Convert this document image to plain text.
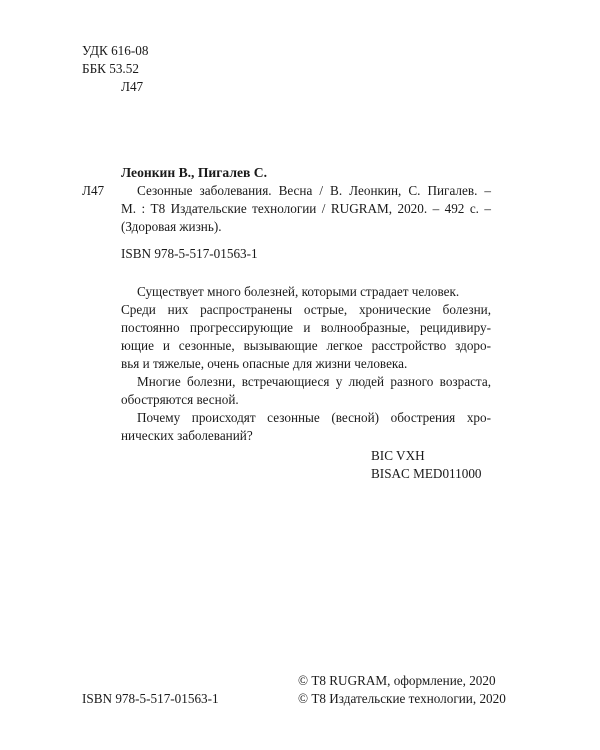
УДК 616-08
ББК 53.52
Л47
Леонкин В., Пигалев С.
Л47 Сезонные заболевания. Весна / В. Леонкин, С. Пигалев. –
М. : Т8 Издательские технологии / RUGRAM, 2020. – 492 с. –
(Здоровая жизнь).
ISBN 978-5-517-01563-1
Существует много болезней, которыми страдает человек.
Среди них распространены острые, хронические болезни,
постоянно прогрессирующие и волнообразные, рецидивиру-
ющие и сезонные, вызывающие легкое расстройство здоро-
вья и тяжелые, очень опасные для жизни человека.
Многие болезни, встречающиеся у людей разного возраста,
обостряются весной.
Почему происходят сезонные (весной) обострения хро-
нических заболеваний?
BIC VXH
BISAC MED011000
ISBN 978-5-517-01563-1
© Т8 RUGRAM, оформление, 2020
© Т8 Издательские технологии, 2020
